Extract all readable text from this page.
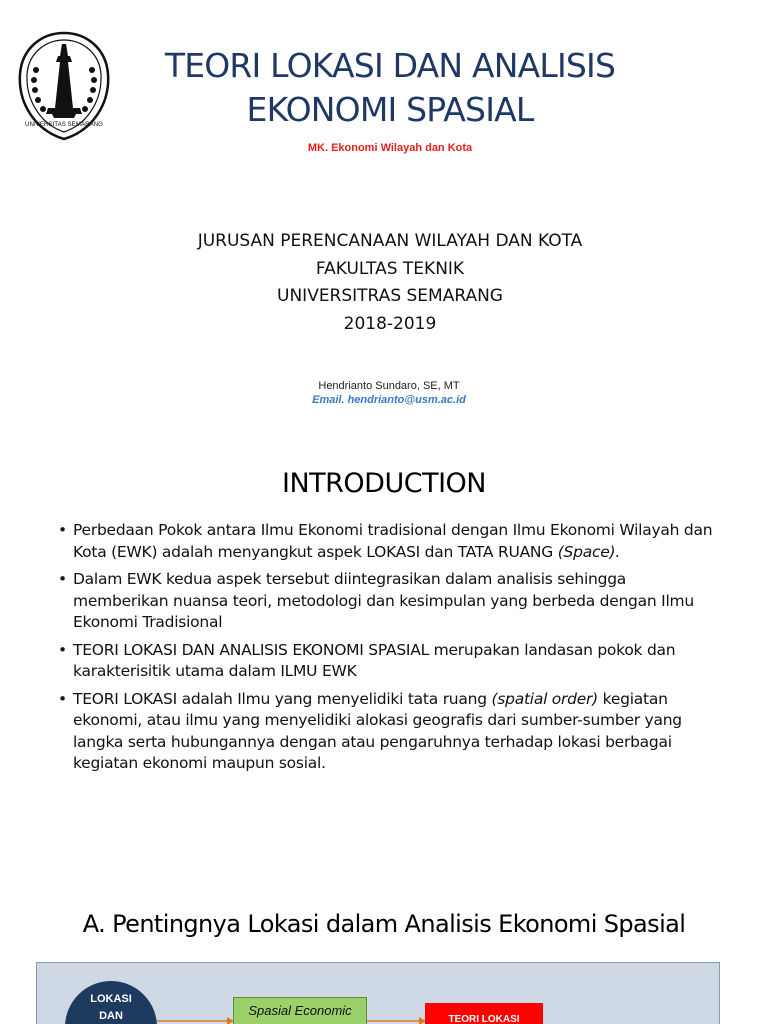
UNIVERSITAS SEMARANG
TEORI LOKASI DAN ANALISIS
EKONOMI SPASIAL
MK. Ekonomi Wilayah dan Kota
JURUSAN PERENCANAAN WILAYAH DAN KOTA
FAKULTAS TEKNIK
UNIVERSITRAS SEMARANG
2018-2019
Hendrianto Sundaro, SE, MT
Email. hendrianto@usm.ac.id
INTRODUCTION
• Perbedaan Pokok antara Ilmu Ekonomi tradisional dengan Ilmu Ekonomi Wilayah dan Kota (EWK) adalah menyangkut aspek LOKASI dan TATA RUANG (Space).
• Dalam EWK kedua aspek tersebut diintegrasikan dalam analisis sehingga memberikan nuansa teori, metodologi dan kesimpulan yang berbeda dengan Ilmu Ekonomi Tradisional
• TEORI LOKASI DAN ANALISIS EKONOMI SPASIAL merupakan landasan pokok dan karakterisitik utama dalam ILMU EWK
• TEORI LOKASI adalah Ilmu yang menyelidiki tata ruang (spatial order) kegiatan ekonomi, atau ilmu yang menyelidiki alokasi geografis dari sumber-sumber yang langka serta hubungannya dengan atau pengaruhnya terhadap lokasi berbagai kegiatan ekonomi maupun sosial.
A. Pentingnya Lokasi dalam Analisis Ekonomi Spasial
LOKASI
DAN	Spasial Economic
TEORI LOKASI
